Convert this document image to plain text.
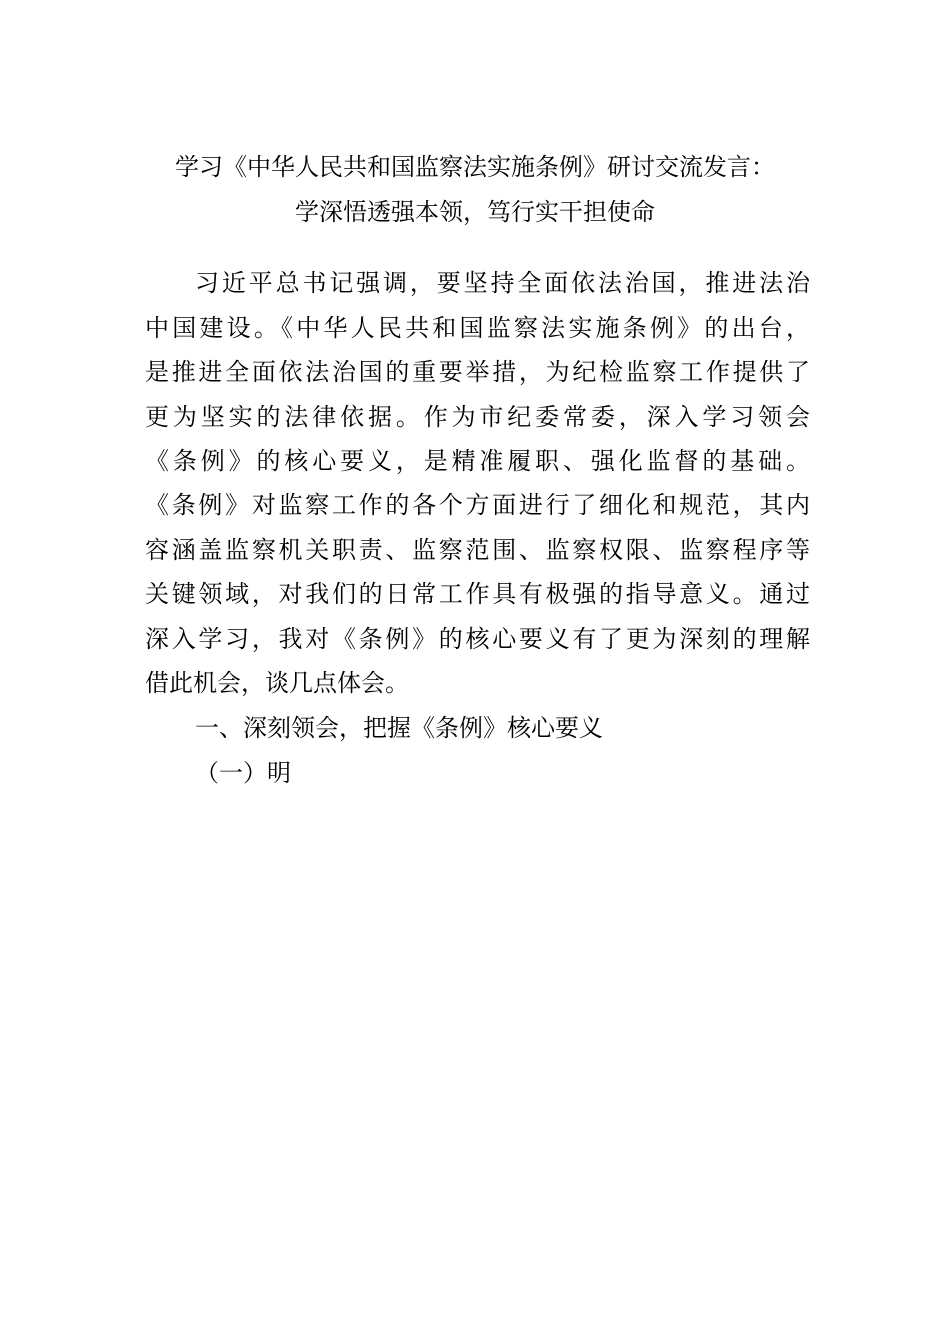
学习《中华人民共和国监察法实施条例》研讨交流发言：
学深悟透强本领，笃行实干担使命
习近平总书记强调，要坚持全面依法治国，推进法治
中国建设。《中华人民共和国监察法实施条例》的出台，
是推进全面依法治国的重要举措，为纪检监察工作提供了
更为坚实的法律依据。作为市纪委常委，深入学习领会
《条例》的核心要义，是精准履职、强化监督的基础。
《条例》对监察工作的各个方面进行了细化和规范，其内
容涵盖监察机关职责、监察范围、监察权限、监察程序等
关键领域，对我们的日常工作具有极强的指导意义。通过
深入学习，我对《条例》的核心要义有了更为深刻的理解
借此机会，谈几点体会。
一、深刻领会，把握《条例》核心要义
（一）明
